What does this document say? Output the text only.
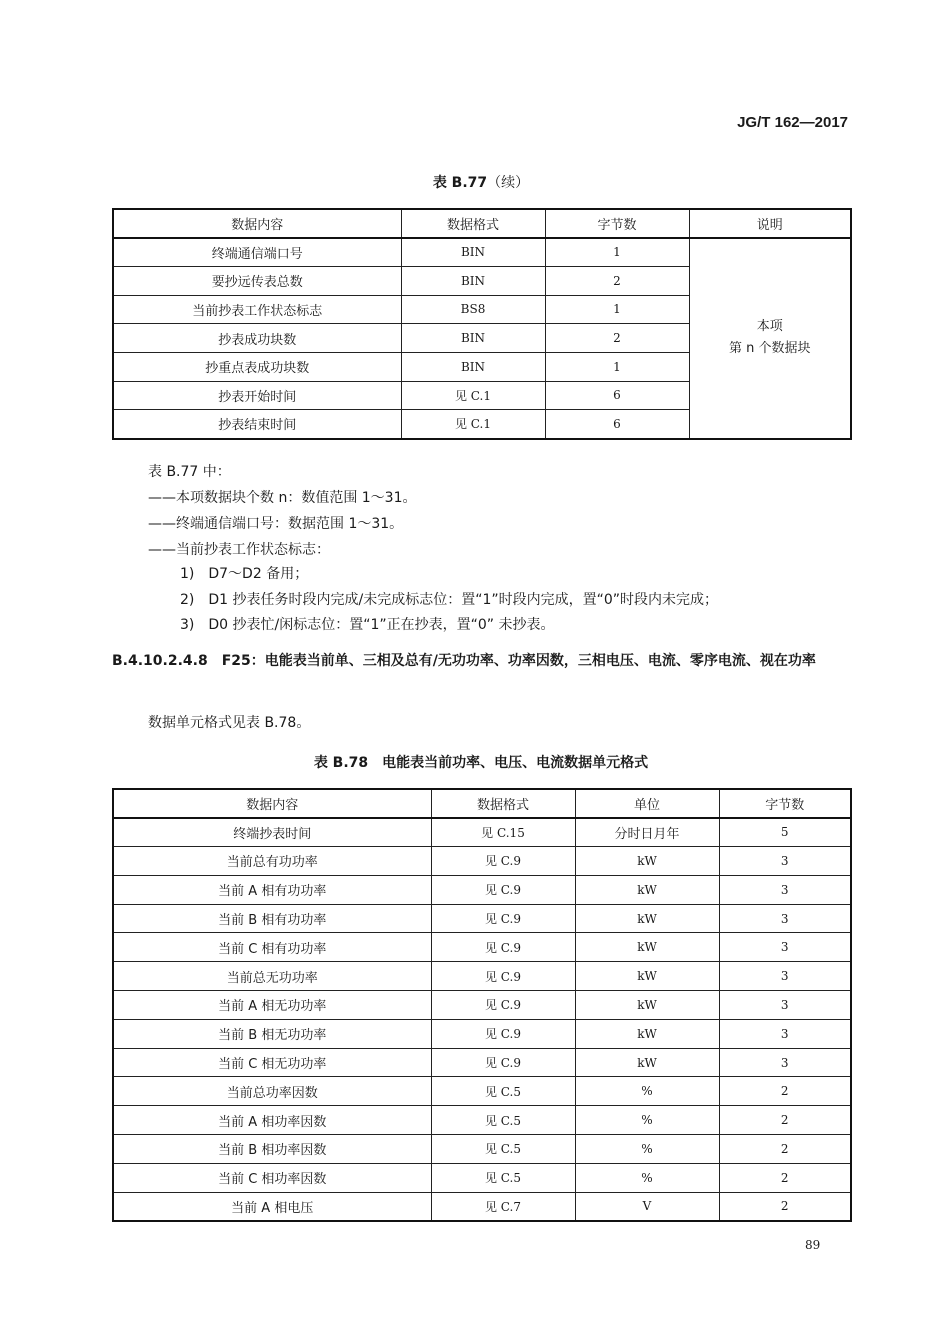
JG/T 162—2017
表 B.77（续）
数据内容	数据格式	字节数	说明
终端通信端口号	BIN	1	本项
第 n 个数据块

要抄远传表总数	BIN	2	
当前抄表工作状态标志	BS8	1	
抄表成功块数	BIN	2	
抄重点表成功块数	BIN	1	
抄表开始时间	见 C.1	6	
抄表结束时间	见 C.1	6	
表 B.77 中：
——本项数据块个数 n：数值范围 1～31。
——终端通信端口号：数据范围 1～31。
——当前抄表工作状态标志：
1)　D7～D2 备用；
2)　D1 抄表任务时段内完成/未完成标志位：置“1”时段内完成，置“0”时段内未完成；
3)　D0 抄表忙/闲标志位：置“1”正在抄表，置“0” 未抄表。
B.4.10.2.4.8　 F25：电能表当前单、三相及总有/无功功率、功率因数，三相电压、电流、零序电流、视在功率
数据单元格式见表 B.78。
表 B.78　电能表当前功率、电压、电流数据单元格式
数据内容	数据格式	单位	字节数
终端抄表时间	见 C.15	分时日月年	5
当前总有功功率	见 C.9	kW	3
当前 A 相有功功率	见 C.9	kW	3
当前 B 相有功功率	见 C.9	kW	3
当前 C 相有功功率	见 C.9	kW	3
当前总无功功率	见 C.9	kW	3
当前 A 相无功功率	见 C.9	kW	3
当前 B 相无功功率	见 C.9	kW	3
当前 C 相无功功率	见 C.9	kW	3
当前总功率因数	见 C.5	%	2
当前 A 相功率因数	见 C.5	%	2
当前 B 相功率因数	见 C.5	%	2
当前 C 相功率因数	见 C.5	%	2
当前 A 相电压	见 C.7	V	2
89
